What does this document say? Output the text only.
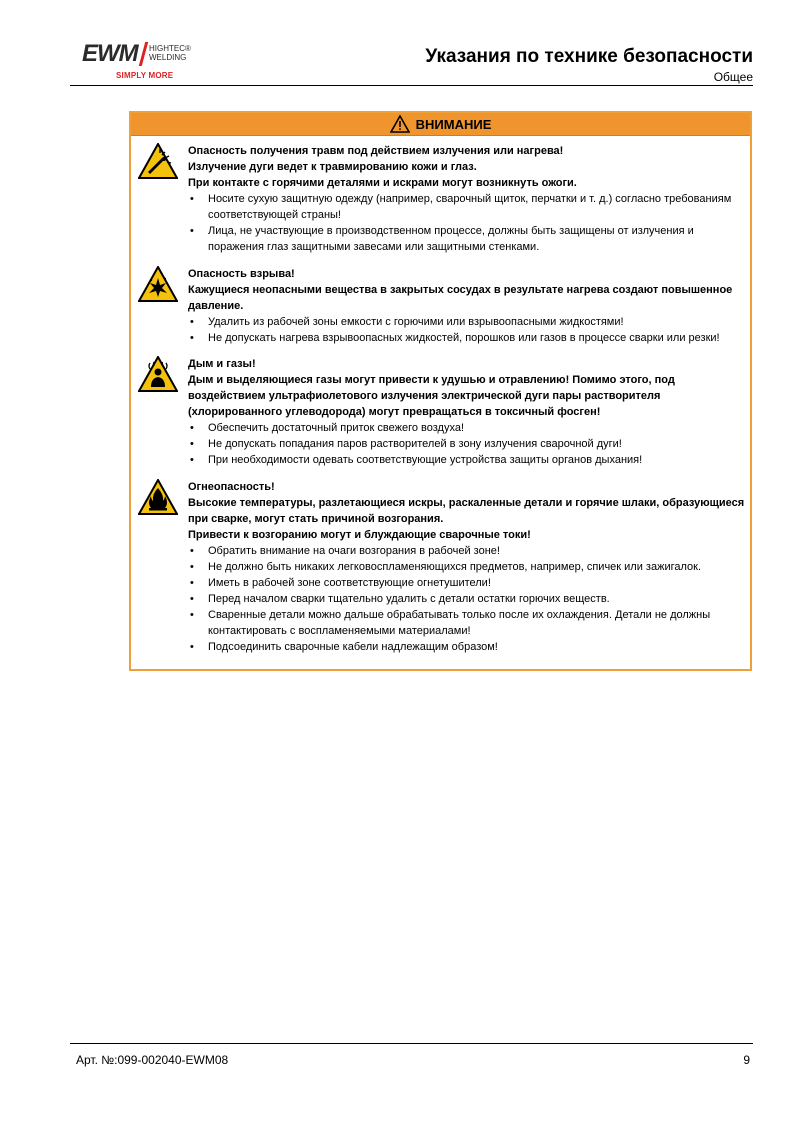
EWM HIGHTEC®
WELDING
SIMPLY MORE
Указания по технике безопасности
Общее
ВНИМАНИЕ
Опасность получения травм под действием излучения или нагрева!
Излучение дуги ведет к травмированию кожи и глаз.
При контакте с горячими деталями и искрами могут возникнуть ожоги.
• Носите сухую защитную одежду (например, сварочный щиток, перчатки и т. д.) согласно требованиям соответствующей страны!
• Лица, не участвующие в производственном процессе, должны быть защищены от излучения и поражения глаз защитными завесами или защитными стенками.
Опасность взрыва!
Кажущиеся неопасными вещества в закрытых сосудах в результате нагрева создают повышенное давление.
• Удалить из рабочей зоны емкости с горючими или взрывоопасными жидкостями!
• Не допускать нагрева взрывоопасных жидкостей, порошков или газов в процессе сварки или резки!
Дым и газы!
Дым и выделяющиеся газы могут привести к удушью и отравлению! Помимо этого, под воздействием ультрафиолетового излучения электрической дуги пары растворителя (хлорированного углеводорода) могут превращаться в токсичный фосген!
• Обеспечить достаточный приток свежего воздуха!
• Не допускать попадания паров растворителей в зону излучения сварочной дуги!
• При необходимости одевать соответствующие устройства защиты органов дыхания!
Огнеопасность!
Высокие температуры, разлетающиеся искры, раскаленные детали и горячие шлаки, образующиеся при сварке, могут стать причиной возгорания.
Привести к возгоранию могут и блуждающие сварочные токи!
• Обратить внимание на очаги возгорания в рабочей зоне!
• Не должно быть никаких легковоспламеняющихся предметов, например, спичек или зажигалок.
• Иметь в рабочей зоне соответствующие огнетушители!
• Перед началом сварки тщательно удалить с детали остатки горючих веществ.
• Сваренные детали можно дальше обрабатывать только после их охлаждения. Детали не должны контактировать с воспламеняемыми материалами!
• Подсоединить сварочные кабели надлежащим образом!
Арт. №:099-002040-EWM08	9
